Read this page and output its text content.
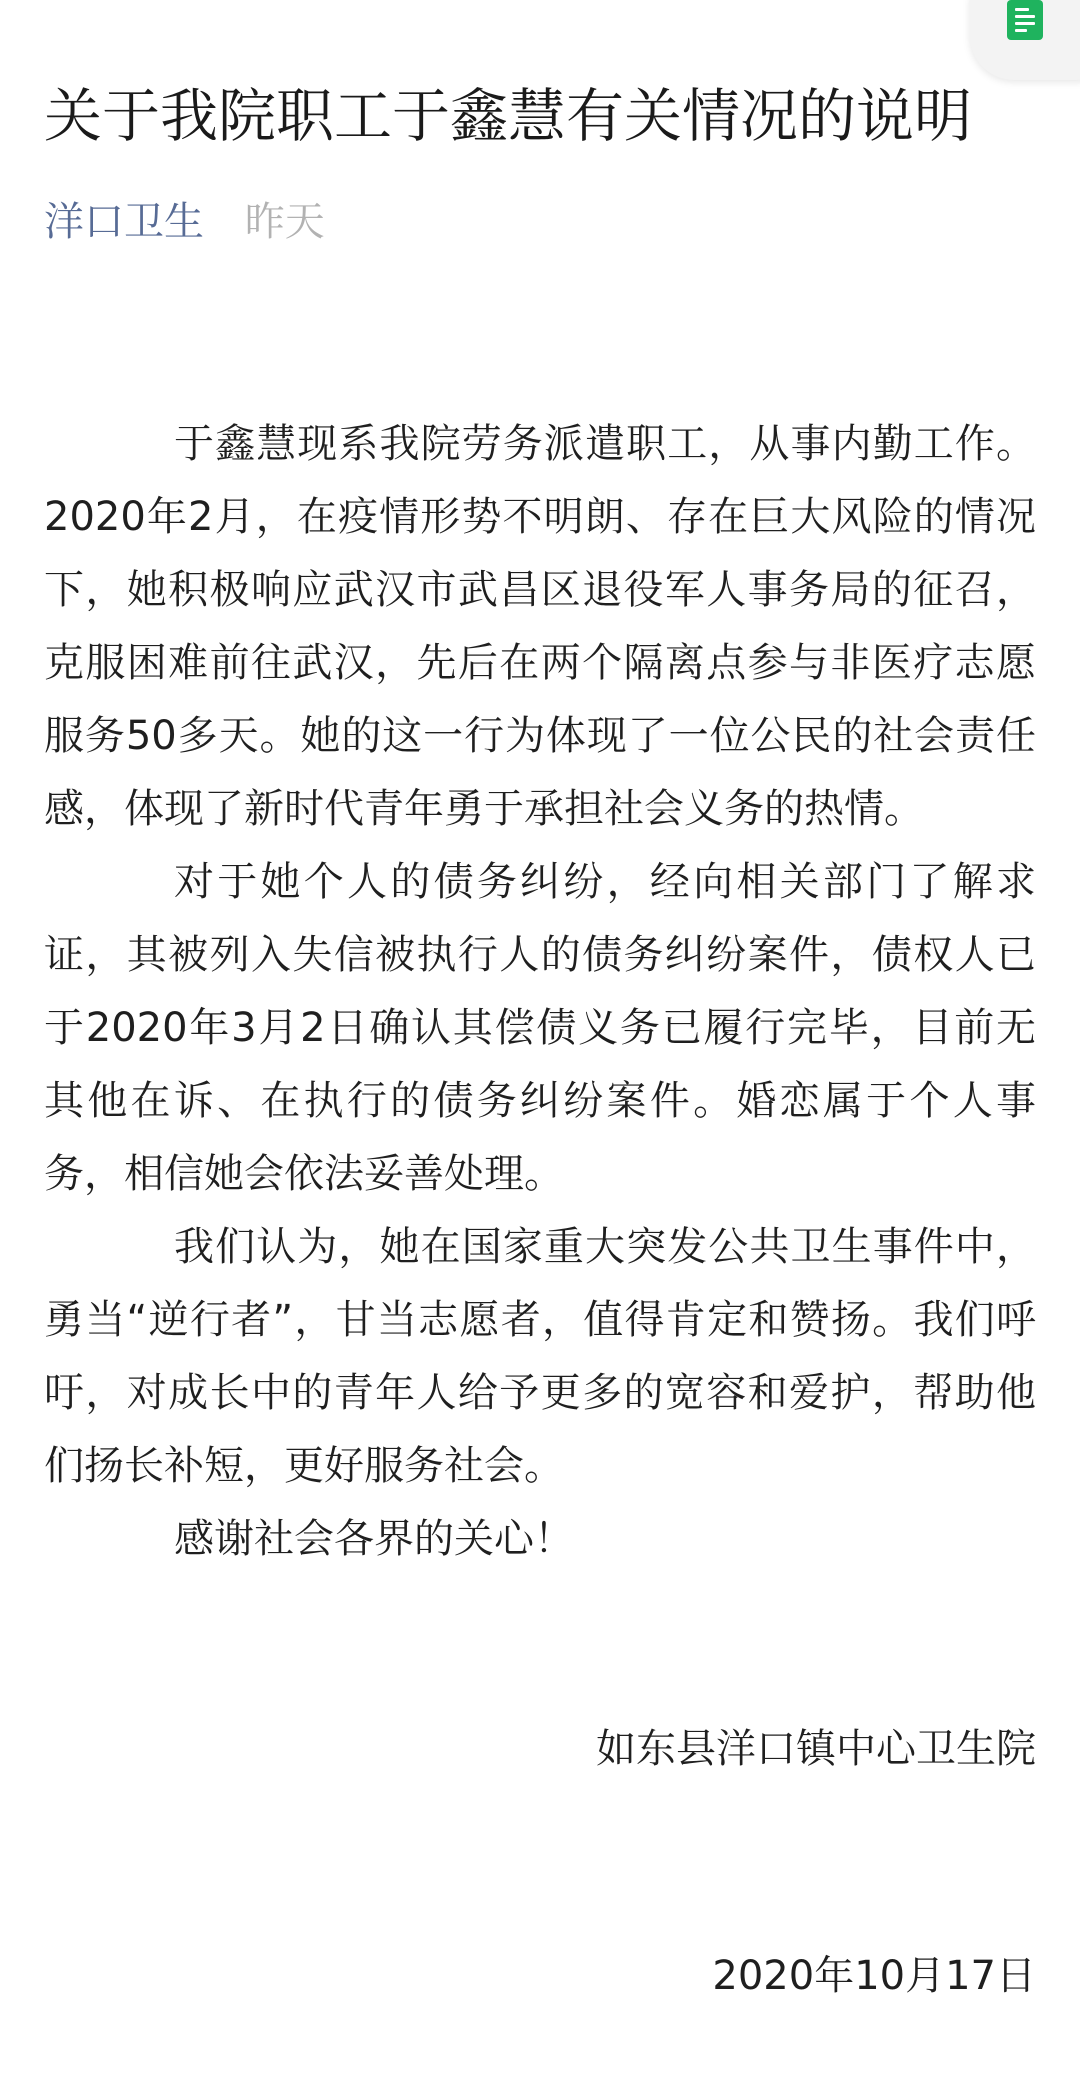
关于我院职工于鑫慧有关情况的说明
洋口卫生 昨天

于鑫慧现系我院劳务派遣职工，从事内勤工作。2020年2月，在疫情形势不明朗、存在巨大风险的情况下，她积极响应武汉市武昌区退役军人事务局的征召，克服困难前往武汉，先后在两个隔离点参与非医疗志愿服务50多天。她的这一行为体现了一位公民的社会责任感，体现了新时代青年勇于承担社会义务的热情。

对于她个人的债务纠纷，经向相关部门了解求证，其被列入失信被执行人的债务纠纷案件，债权人已于2020年3月2日确认其偿债义务已履行完毕，目前无其他在诉、在执行的债务纠纷案件。婚恋属于个人事务，相信她会依法妥善处理。

我们认为，她在国家重大突发公共卫生事件中，勇当“逆行者”，甘当志愿者，值得肯定和赞扬。我们呼吁，对成长中的青年人给予更多的宽容和爱护，帮助他们扬长补短，更好服务社会。

感谢社会各界的关心！

如东县洋口镇中心卫生院
2020年10月17日
